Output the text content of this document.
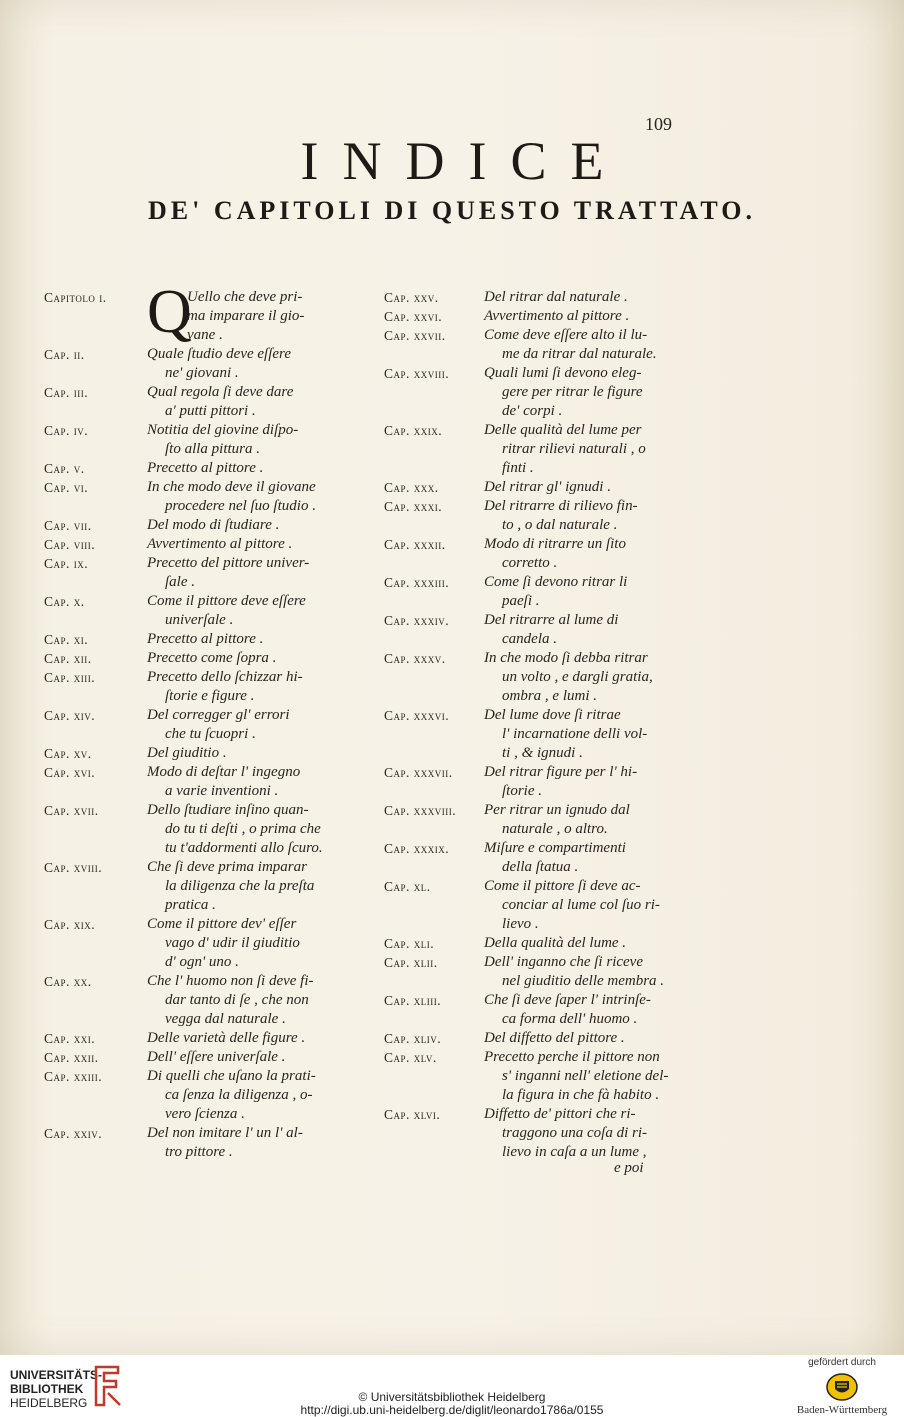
109
INDICE
DE' CAPITOLI DI QUESTO TRATTATO.
Capitolo i. Q
Uello che deve pri-
ma imparare il gio-
vane .
Cap. ii.	Quale ſtudio deve eſſere
ne' giovani .
Cap. iii.	Qual regola ſi deve dare
a' putti pittori .
Cap. iv.	Notitia del giovine diſpo-
ſto alla pittura .
Cap. v.	Precetto al pittore .
Cap. vi.	In che modo deve il giovane
procedere nel ſuo ſtudio .
Cap. vii.	Del modo di ſtudiare .
Cap. viii.	Avvertimento al pittore .
Cap. ix.	Precetto del pittore univer-
ſale .
Cap. x.	Come il pittore deve eſſere
univerſale .
Cap. xi.	Precetto al pittore .
Cap. xii.	Precetto come ſopra .
Cap. xiii.	Precetto dello ſchizzar hi-
ſtorie e figure .
Cap. xiv.	Del corregger gl' errori
che tu ſcuopri .
Cap. xv.	Del giuditio .
Cap. xvi.	Modo di deſtar l' ingegno
a varie inventioni .
Cap. xvii.	Dello ſtudiare inſino quan-
do tu ti deſti , o prima che
tu t'addormenti allo ſcuro.
Cap. xviii.	Che ſi deve prima imparar
la diligenza che la preſta
pratica .
Cap. xix.	Come il pittore dev' eſſer
vago d' udir il giuditio
d' ogn' uno .
Cap. xx.	Che l' huomo non ſi deve fi-
dar tanto di ſe , che non
vegga dal naturale .
Cap. xxi.	Delle varietà delle figure .
Cap. xxii.	Dell' eſſere univerſale .
Cap. xxiii.	Di quelli che uſano la prati-
ca ſenza la diligenza , o-
vero ſcienza .
Cap. xxiv.	Del non imitare l' un l' al-
tro pittore .
Cap. xxv.	Del ritrar dal naturale .
Cap. xxvi.	Avvertimento al pittore .
Cap. xxvii.	Come deve eſſere alto il lu-
me da ritrar dal naturale.
Cap. xxviii.	Quali lumi ſi devono eleg-
gere per ritrar le figure
de' corpi .
Cap. xxix.	Delle qualità del lume per
ritrar rilievi naturali , o
finti .
Cap. xxx.	Del ritrar gl' ignudi .
Cap. xxxi.	Del ritrarre di rilievo fin-
to , o dal naturale .
Cap. xxxii.	Modo di ritrarre un ſito
corretto .
Cap. xxxiii.	Come ſi devono ritrar li
paeſi .
Cap. xxxiv.	Del ritrarre al lume di
candela .
Cap. xxxv.	In che modo ſi debba ritrar
un volto , e dargli gratia,
ombra , e lumi .
Cap. xxxvi.	Del lume dove ſi ritrae
l' incarnatione delli vol-
ti , & ignudi .
Cap. xxxvii.	Del ritrar figure per l' hi-
ſtorie .
Cap. xxxviii.	Per ritrar un ignudo dal
naturale , o altro.
Cap. xxxix.	Miſure e compartimenti
della ſtatua .
Cap. xl.	Come il pittore ſi deve ac-
conciar al lume col ſuo ri-
lievo .
Cap. xli.	Della qualità del lume .
Cap. xlii.	Dell' inganno che ſi riceve
nel giuditio delle membra .
Cap. xliii.	Che ſi deve ſaper l' intrinſe-
ca forma dell' huomo .
Cap. xliv.	Del diffetto del pittore .
Cap. xlv.	Precetto perche il pittore non
s' inganni nell' eletione del-
la figura in che fà habito .
Cap. xlvi.	Diffetto de' pittori che ri-
traggono una coſa di ri-
lievo in caſa a un lume ,
e poi
UNIVERSITÄTS-
BIBLIOTHEK
HEIDELBERG	© Universitätsbibliothek Heidelberg
http://digi.ub.uni-heidelberg.de/diglit/leonardo1786a/0155
gefördert durch
Baden-Württemberg
